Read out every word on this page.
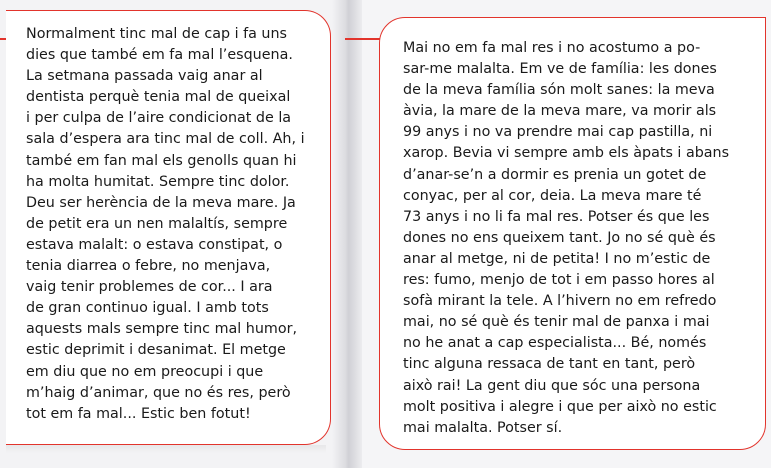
Normalment tinc mal de cap i fa uns
dies que també em fa mal l’esquena.
La setmana passada vaig anar al
dentista perquè tenia mal de queixal
i per culpa de l’aire condicionat de la
sala d’espera ara tinc mal de coll. Ah, i
també em fan mal els genolls quan hi
ha molta humitat. Sempre tinc dolor.
Deu ser herència de la meva mare. Ja
de petit era un nen malaltís, sempre
estava malalt: o estava constipat, o
tenia diarrea o febre, no menjava,
vaig tenir problemes de cor... I ara
de gran continuo igual. I amb tots
aquests mals sempre tinc mal humor,
estic deprimit i desanimat. El metge
em diu que no em preocupi i que
m’haig d’animar, que no és res, però
tot em fa mal... Estic ben fotut!
Mai no em fa mal res i no acostumo a po-
sar-me malalta. Em ve de família: les dones
de la meva família són molt sanes: la meva
àvia, la mare de la meva mare, va morir als
99 anys i no va prendre mai cap pastilla, ni
xarop. Bevia vi sempre amb els àpats i abans
d’anar-se’n a dormir es prenia un gotet de
conyac, per al cor, deia. La meva mare té
73 anys i no li fa mal res. Potser és que les
dones no ens queixem tant. Jo no sé què és
anar al metge, ni de petita! I no m’estic de
res: fumo, menjo de tot i em passo hores al
sofà mirant la tele. A l’hivern no em refredo
mai, no sé què és tenir mal de panxa i mai
no he anat a cap especialista... Bé, només
tinc alguna ressaca de tant en tant, però
això rai! La gent diu que sóc una persona
molt positiva i alegre i que per això no estic
mai malalta. Potser sí.
